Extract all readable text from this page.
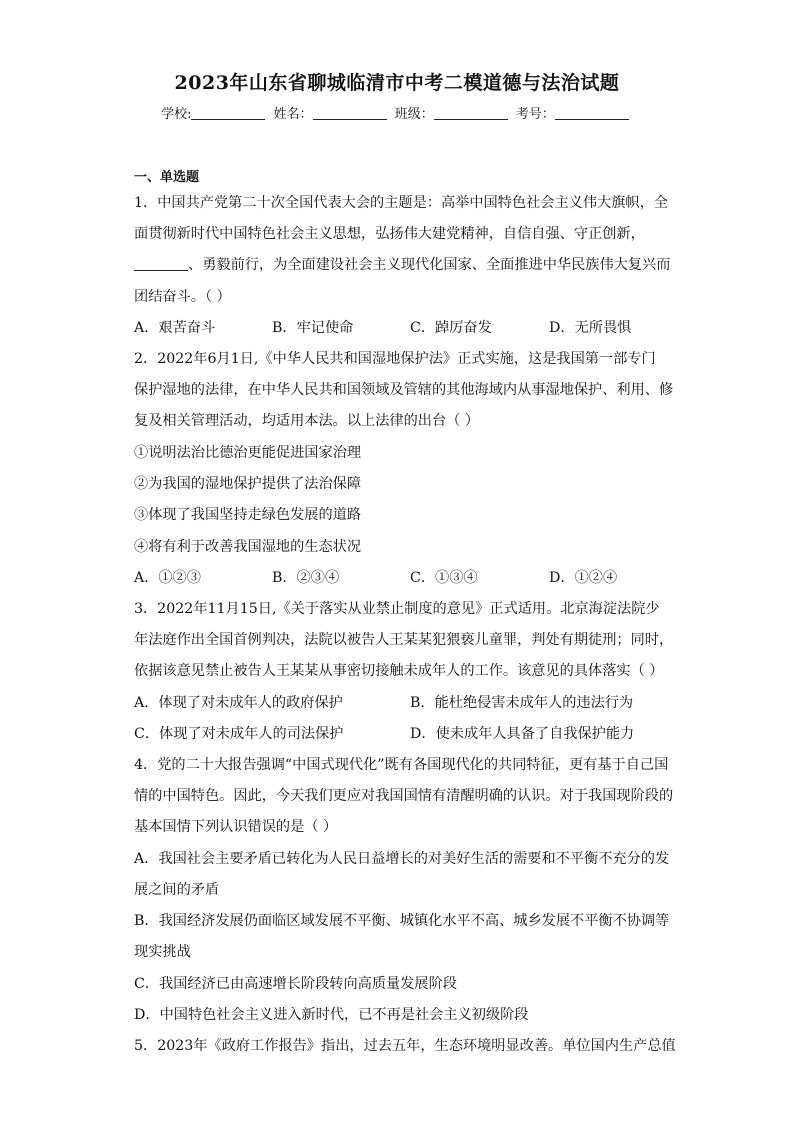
2023年山东省聊城临清市中考二模道德与法治试题
学校:	姓名：	班级：	考号：
一、单选题
1．中国共产党第二十次全国代表大会的主题是：高举中国特色社会主义伟大旗帜，全
面贯彻新时代中国特色社会主义思想，弘扬伟大建党精神，自信自强、守正创新，
、勇毅前行，为全面建设社会主义现代化国家、全面推进中华民族伟大复兴而
团结奋斗。（ ）
A．艰苦奋斗	B．牢记使命	C．踔厉奋发	D．无所畏惧
2．2022年6月1日,《中华人民共和国湿地保护法》正式实施，这是我国第一部专门
保护湿地的法律，在中华人民共和国领域及管辖的其他海域内从事湿地保护、利用、修
复及相关管理活动，均适用本法。以上法律的出台（ ）
①说明法治比德治更能促进国家治理
②为我国的湿地保护提供了法治保障
③体现了我国坚持走绿色发展的道路
④将有利于改善我国湿地的生态状况
A．①②③	B．②③④	C．①③④	D．①②④
3．2022年11月15日,《关于落实从业禁止制度的意见》正式适用。北京海淀法院少
年法庭作出全国首例判决，法院以被告人王某某犯猥亵儿童罪，判处有期徒刑；同时，
依据该意见禁止被告人王某某从事密切接触未成年人的工作。该意见的具体落实（ ）
A．体现了对未成年人的政府保护	B．能杜绝侵害未成年人的违法行为
C．体现了对未成年人的司法保护	D．使未成年人具备了自我保护能力
4．党的二十大报告强调“中国式现代化”既有各国现代化的共同特征，更有基于自己国
情的中国特色。因此，今天我们更应对我国国情有清醒明确的认识。对于我国现阶段的
基本国情下列认识错误的是（ ）
A．我国社会主要矛盾已转化为人民日益增长的对美好生活的需要和不平衡不充分的发
展之间的矛盾
B．我国经济发展仍面临区域发展不平衡、城镇化水平不高、城乡发展不平衡不协调等
现实挑战
C．我国经济已由高速增长阶段转向高质量发展阶段
D．中国特色社会主义进入新时代，已不再是社会主义初级阶段
5．2023年《政府工作报告》指出，过去五年，生态环境明显改善。单位国内生产总值
